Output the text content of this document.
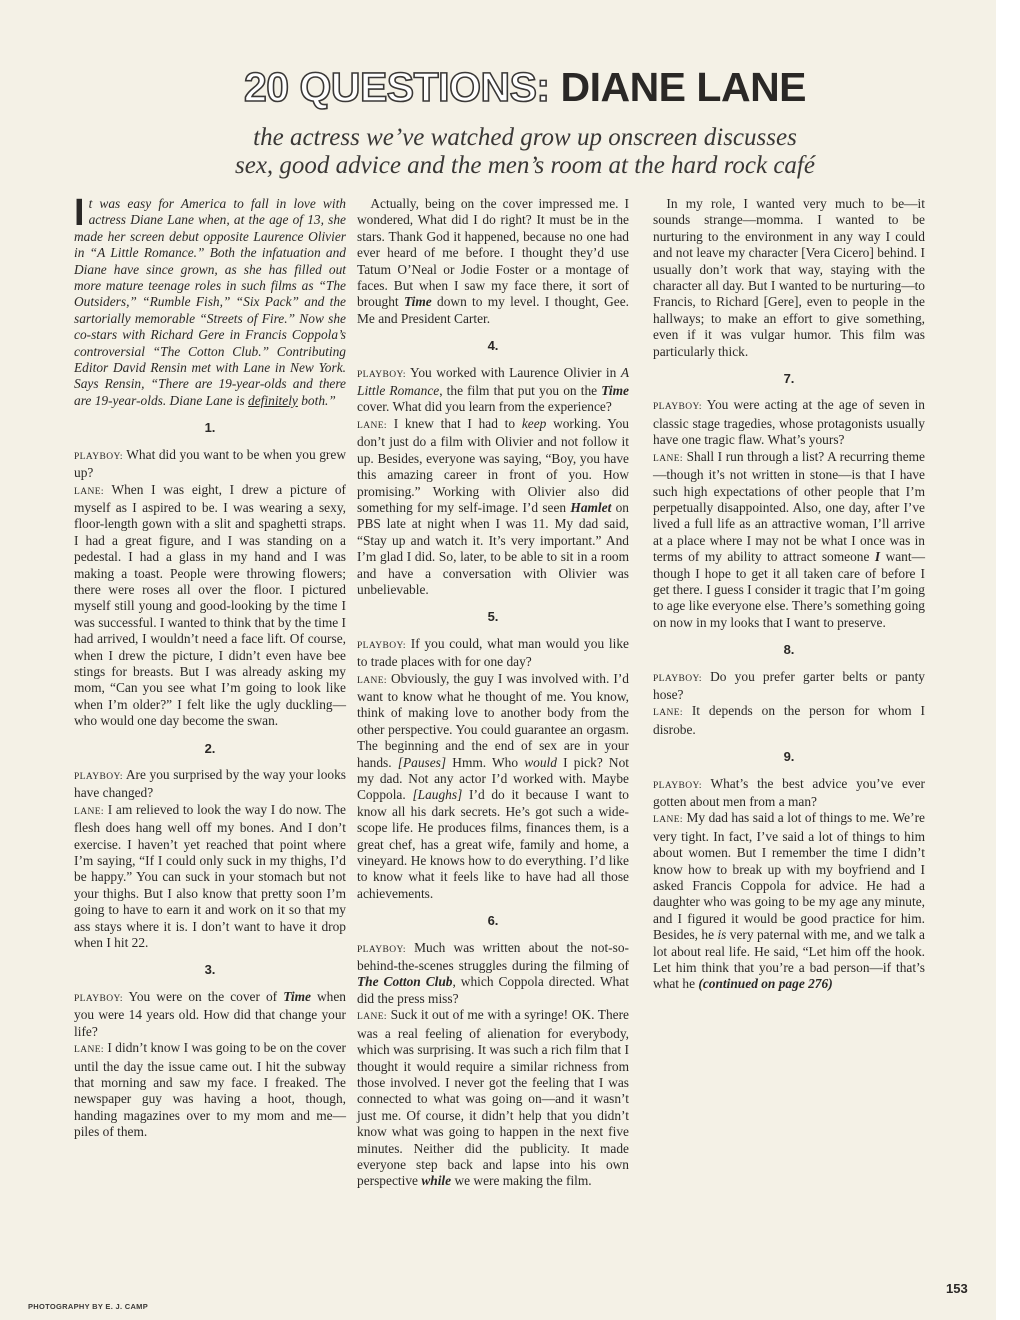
20 QUESTIONS: DIANE LANE
the actress we’ve watched grow up onscreen discusses
sex, good advice and the men’s room at the hard rock café

It was easy for America to fall in love with actress Diane Lane when, at the age of 13, she made her screen debut opposite Laurence Olivier in “A Little Romance.” Both the infatuation and Diane have since grown, as she has filled out more mature teenage roles in such films as “The Outsiders,” “Rumble Fish,” “Six Pack” and the sartorially memorable “Streets of Fire.” Now she co-stars with Richard Gere in Francis Coppola’s controversial “The Cotton Club.” Contributing Editor David Rensin met with Lane in New York. Says Rensin, “There are 19-year-olds and there are 19-year-olds. Diane Lane is definitely both.”

1.

PLAYBOY: What did you want to be when you grew up?

LANE: When I was eight, I drew a picture of myself as I aspired to be. I was wearing a sexy, floor-length gown with a slit and spaghetti straps. I had a great figure, and I was standing on a pedestal. I had a glass in my hand and I was making a toast. People were throwing flowers; there were roses all over the floor. I pictured myself still young and good-looking by the time I was successful. I wanted to think that by the time I had arrived, I wouldn’t need a face lift. Of course, when I drew the picture, I didn’t even have bee stings for breasts. But I was already asking my mom, “Can you see what I’m going to look like when I’m older?” I felt like the ugly duckling—who would one day become the swan.

2.

PLAYBOY: Are you surprised by the way your looks have changed?

LANE: I am relieved to look the way I do now. The flesh does hang well off my bones. And I don’t exercise. I haven’t yet reached that point where I’m saying, “If I could only suck in my thighs, I’d be happy.” You can suck in your stomach but not your thighs. But I also know that pretty soon I’m going to have to earn it and work on it so that my ass stays where it is. I don’t want to have it drop when I hit 22.

3.

PLAYBOY: You were on the cover of Time when you were 14 years old. How did that change your life?

LANE: I didn’t know I was going to be on the cover until the day the issue came out. I hit the subway that morning and saw my face. I freaked. The newspaper guy was having a hoot, though, handing magazines over to my mom and me—piles of them.

 Actually, being on the cover impressed me. I wondered, What did I do right? It must be in the stars. Thank God it happened, because no one had ever heard of me before. I thought they’d use Tatum O’Neal or Jodie Foster or a montage of faces. But when I saw my face there, it sort of brought Time down to my level. I thought, Gee. Me and President Carter.

4.

PLAYBOY: You worked with Laurence Olivier in A Little Romance, the film that put you on the Time cover. What did you learn from the experience?

LANE: I knew that I had to keep working. You don’t just do a film with Olivier and not follow it up. Besides, everyone was saying, “Boy, you have this amazing career in front of you. How promising.” Working with Olivier also did something for my self-image. I’d seen Hamlet on PBS late at night when I was 11. My dad said, “Stay up and watch it. It’s very important.” And I’m glad I did. So, later, to be able to sit in a room and have a conversation with Olivier was unbelievable.

5.

PLAYBOY: If you could, what man would you like to trade places with for one day?

LANE: Obviously, the guy I was involved with. I’d want to know what he thought of me. You know, think of making love to another body from the other perspective. You could guarantee an orgasm. The beginning and the end of sex are in your hands. [Pauses] Hmm. Who would I pick? Not my dad. Not any actor I’d worked with. Maybe Coppola. [Laughs] I’d do it because I want to know all his dark secrets. He’s got such a wide-scope life. He produces films, finances them, is a great chef, has a great wife, family and home, a vineyard. He knows how to do everything. I’d like to know what it feels like to have had all those achievements.

6.

PLAYBOY: Much was written about the not-so-behind-the-scenes struggles during the filming of The Cotton Club, which Coppola directed. What did the press miss?

LANE: Suck it out of me with a syringe! OK. There was a real feeling of alienation for everybody, which was surprising. It was such a rich film that I thought it would require a similar richness from those involved. I never got the feeling that I was connected to what was going on—and it wasn’t just me. Of course, it didn’t help that you didn’t know what was going to happen in the next five minutes. Neither did the publicity. It made everyone step back and lapse into his own perspective while we were making the film.

 In my role, I wanted very much to be—it sounds strange—momma. I wanted to be nurturing to the environment in any way I could and not leave my character [Vera Cicero] behind. I usually don’t work that way, staying with the character all day. But I wanted to be nurturing—to Francis, to Richard [Gere], even to people in the hallways; to make an effort to give something, even if it was vulgar humor. This film was particularly thick.

7.

PLAYBOY: You were acting at the age of seven in classic stage tragedies, whose protagonists usually have one tragic flaw. What’s yours?

LANE: Shall I run through a list? A recurring theme—though it’s not written in stone—is that I have such high expectations of other people that I’m perpetually disappointed. Also, one day, after I’ve lived a full life as an attractive woman, I’ll arrive at a place where I may not be what I once was in terms of my ability to attract someone I want—though I hope to get it all taken care of before I get there. I guess I consider it tragic that I’m going to age like everyone else. There’s something going on now in my looks that I want to preserve.

8.

PLAYBOY: Do you prefer garter belts or panty hose?

LANE: It depends on the person for whom I disrobe.

9.

PLAYBOY: What’s the best advice you’ve ever gotten about men from a man?

LANE: My dad has said a lot of things to me. We’re very tight. In fact, I’ve said a lot of things to him about women. But I remember the time I didn’t know how to break up with my boyfriend and I asked Francis Coppola for advice. He had a daughter who was going to be my age any minute, and I figured it would be good practice for him. Besides, he is very paternal with me, and we talk a lot about real life. He said, “Let him off the hook. Let him think that you’re a bad person—if that’s what he (continued on page 276)

153
PHOTOGRAPHY BY E. J. CAMP
